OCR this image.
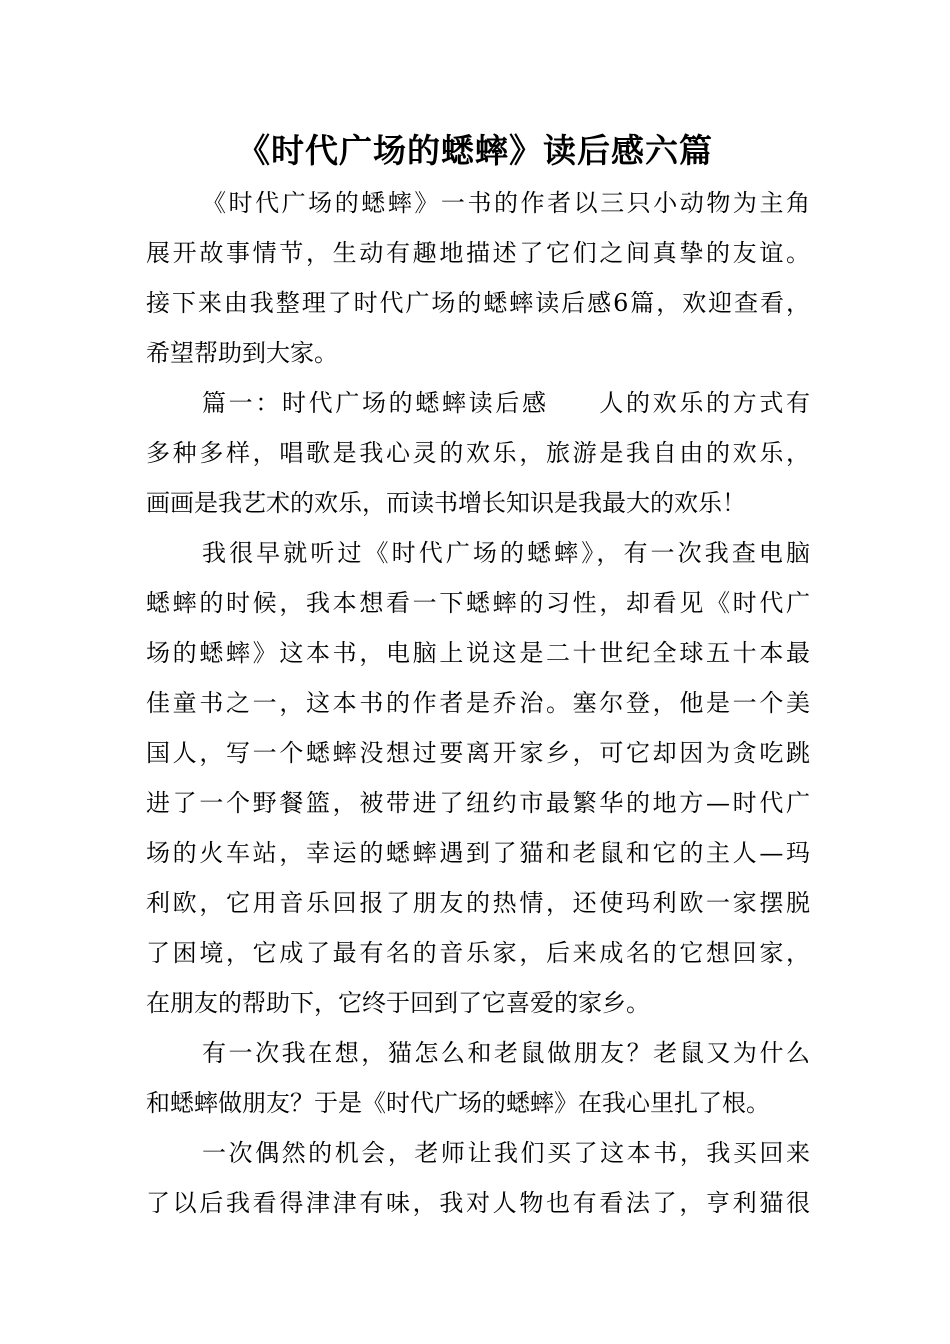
《时代广场的蟋蟀》读后感六篇
《时代广场的蟋蟀》一书的作者以三只小动物为主角
展开故事情节，生动有趣地描述了它们之间真挚的友谊。
接下来由我整理了时代广场的蟋蟀读后感6篇，欢迎查看，
希望帮助到大家。
篇一：时代广场的蟋蟀读后感 人的欢乐的方式有
多种多样，唱歌是我心灵的欢乐，旅游是我自由的欢乐，
画画是我艺术的欢乐，而读书增长知识是我最大的欢乐！
我很早就听过《时代广场的蟋蟀》，有一次我查电脑
蟋蟀的时候，我本想看一下蟋蟀的习性，却看见《时代广
场的蟋蟀》这本书，电脑上说这是二十世纪全球五十本最
佳童书之一，这本书的作者是乔治。塞尔登，他是一个美
国人，写一个蟋蟀没想过要离开家乡，可它却因为贪吃跳
进了一个野餐篮，被带进了纽约市最繁华的地方—时代广
场的火车站，幸运的蟋蟀遇到了猫和老鼠和它的主人—玛
利欧，它用音乐回报了朋友的热情，还使玛利欧一家摆脱
了困境，它成了最有名的音乐家，后来成名的它想回家，
在朋友的帮助下，它终于回到了它喜爱的家乡。
有一次我在想，猫怎么和老鼠做朋友？老鼠又为什么
和蟋蟀做朋友？于是《时代广场的蟋蟀》在我心里扎了根。
一次偶然的机会，老师让我们买了这本书，我买回来
了以后我看得津津有味，我对人物也有看法了，亨利猫很
